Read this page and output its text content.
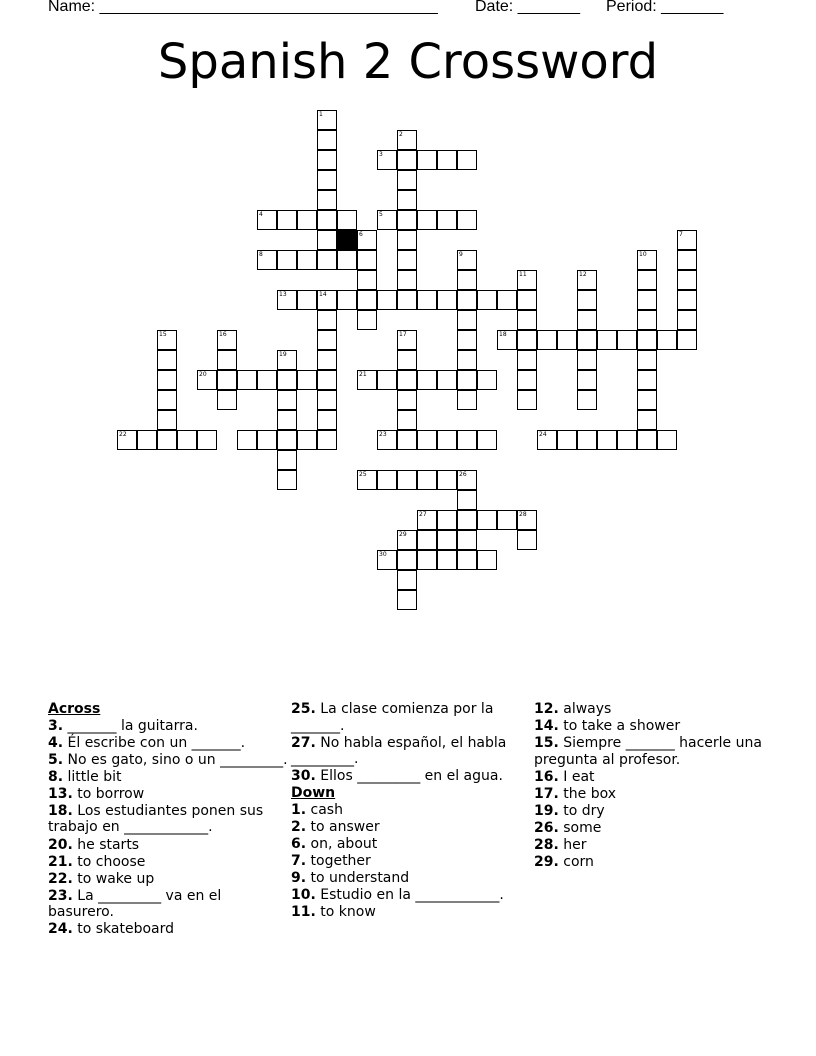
Name: ______________________________________ Date: _______ Period: _______
Spanish 2 Crossword
1
2
3
4	5
6
8
7
9	10
11	12
13	14
15	16	17	18
19
20	21
22	23	24
25	26
27	28
29
30
Across
3. _______ la guitarra.
4. Él escribe con un _______.
5. No es gato, sino o un _________.
8. little bit
13. to borrow
18. Los estudiantes ponen sus trabajo en ____________.
20. he starts
21. to choose
22. to wake up
23. La _________ va en el basurero.
24. to skateboard
25. La clase comienza por la _______.
27. No habla español, el habla _________.
30. Ellos _________ en el agua.
Down
1. cash
2. to answer
6. on, about
7. together
9. to understand
10. Estudio en la ____________.
11. to know
12. always
14. to take a shower
15. Siempre _______ hacerle una pregunta al profesor.
16. I eat
17. the box
19. to dry
26. some
28. her
29. corn
